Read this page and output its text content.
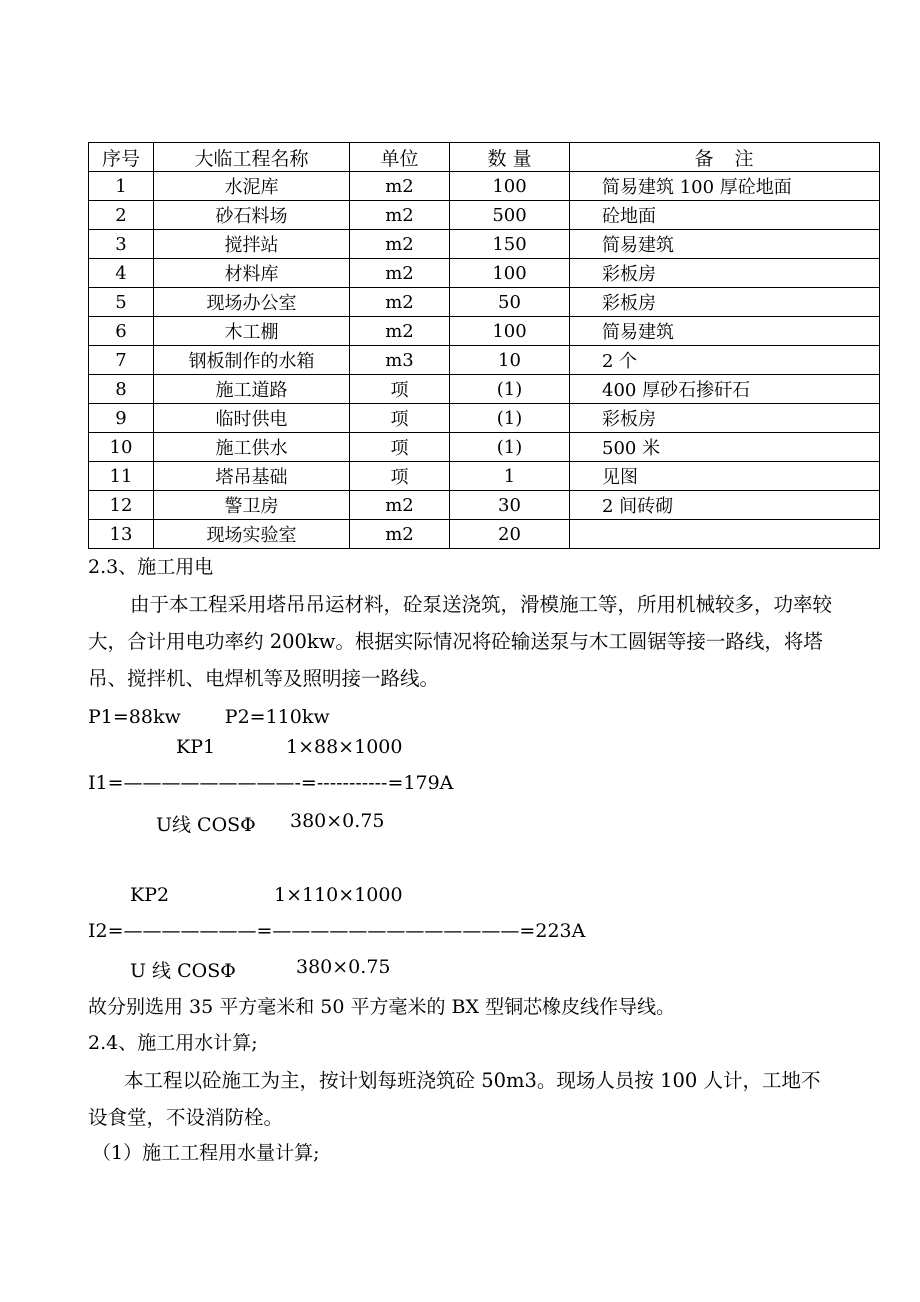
序号	大临工程名称	单位	数 量	备　注
1	水泥库	m2	100	简易建筑 100 厚砼地面
2	砂石料场	m2	500	砼地面
3	搅拌站	m2	150	简易建筑
4	材料库	m2	100	彩板房
5	现场办公室	m2	50	彩板房
6	木工棚	m2	100	简易建筑
7	钢板制作的水箱	m3	10	2 个
8	施工道路	项	(1)	400 厚砂石掺矸石
9	临时供电	项	(1)	彩板房
10	施工供水	项	(1)	500 米
11	塔吊基础	项	1	见图
12	警卫房	m2	30	2 间砖砌
13	现场实验室	m2	20	
2.3、施工用电
由于本工程采用塔吊吊运材料，砼泵送浇筑，滑模施工等，所用机械较多，功率较大，合计用电功率约 200kw。根据实际情况将砼输送泵与木工圆锯等接一路线，将塔吊、搅拌机、电焊机等及照明接一路线。
P1=88kw　　 P2=110kw
KP1	1×88×1000
I1=—————————-=-----------=179A
U线 COSΦ 380×0.75
KP2	1×110×1000
I2=———————=—————————————=223A
U 线 COSΦ	380×0.75
故分别选用 35 平方毫米和 50 平方毫米的 BX 型铜芯橡皮线作导线。
2.4、施工用水计算;
本工程以砼施工为主，按计划每班浇筑砼 50m3。现场人员按 100 人计，工地不设食堂，不设消防栓。
（1）施工工程用水量计算;
